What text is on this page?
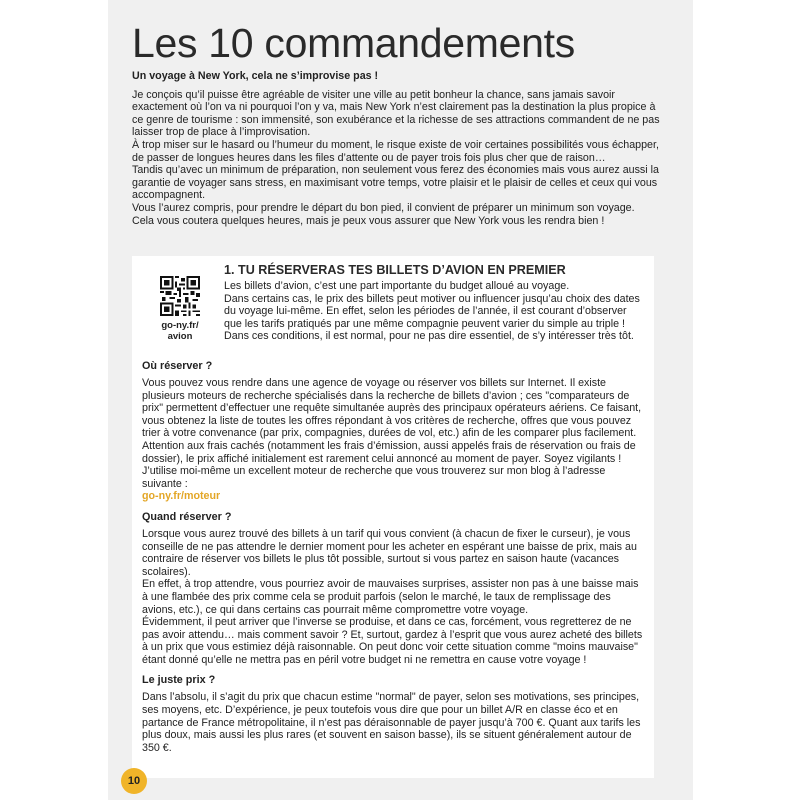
Les 10 commandements

Un voyage à New York, cela ne s’improvise pas !

Je conçois qu’il puisse être agréable de visiter une ville au petit bonheur la chance, sans jamais savoir exactement où l’on va ni pourquoi l’on y va, mais New York n’est clairement pas la destination la plus propice à ce genre de tourisme : son immensité, son exubérance et la richesse de ses attractions commandent de ne pas laisser trop de place à l’improvisation.

À trop miser sur le hasard ou l’humeur du moment, le risque existe de voir certaines possibilités vous échapper, de passer de longues heures dans les files d’attente ou de payer trois fois plus cher que de raison…

Tandis qu’avec un minimum de préparation, non seulement vous ferez des économies mais vous aurez aussi la garantie de voyager sans stress, en maximisant votre temps, votre plaisir et le plaisir de celles et ceux qui vous accompagnent.

Vous l’aurez compris, pour prendre le départ du bon pied, il convient de préparer un minimum son voyage.

Cela vous coutera quelques heures, mais je peux vous assurer que New York vous les rendra bien !

go-ny.fr/
avion
1. TU RÉSERVERAS TES BILLETS D’AVION EN PREMIER

Les billets d’avion, c’est une part importante du budget alloué au voyage.

Dans certains cas, le prix des billets peut motiver ou influencer jusqu’au choix des dates du voyage lui-même. En effet, selon les périodes de l’année, il est courant d’observer que les tarifs pratiqués par une même compagnie peuvent varier du simple au triple !

Dans ces conditions, il est normal, pour ne pas dire essentiel, de s’y intéresser très tôt.

Où réserver ?

Vous pouvez vous rendre dans une agence de voyage ou réserver vos billets sur Internet. Il existe plusieurs moteurs de recherche spécialisés dans la recherche de billets d’avion ; ces "comparateurs de prix" permettent d’effectuer une requête simultanée auprès des principaux opérateurs aériens. Ce faisant, vous obtenez la liste de toutes les offres répondant à vos critères de recherche, offres que vous pouvez trier à votre convenance (par prix, compagnies, durées de vol, etc.) afin de les comparer plus facilement. Attention aux frais cachés (notamment les frais d’émission, aussi appelés frais de réservation ou frais de dossier), le prix affiché initialement est rarement celui annoncé au moment de payer. Soyez vigilants !

J’utilise moi-même un excellent moteur de recherche que vous trouverez sur mon blog à l’adresse suivante :

go-ny.fr/moteur

Quand réserver ?

Lorsque vous aurez trouvé des billets à un tarif qui vous convient (à chacun de fixer le curseur), je vous conseille de ne pas attendre le dernier moment pour les acheter en espérant une baisse de prix, mais au contraire de réserver vos billets le plus tôt possible, surtout si vous partez en saison haute (vacances scolaires).

En effet, à trop attendre, vous pourriez avoir de mauvaises surprises, assister non pas à une baisse mais à une flambée des prix comme cela se produit parfois (selon le marché, le taux de remplissage des avions, etc.), ce qui dans certains cas pourrait même compromettre votre voyage.

Évidemment, il peut arriver que l’inverse se produise, et dans ce cas, forcément, vous regretterez de ne pas avoir attendu… mais comment savoir ? Et, surtout, gardez à l’esprit que vous aurez acheté des billets à un prix que vous estimiez déjà raisonnable. On peut donc voir cette situation comme "moins mauvaise" étant donné qu’elle ne mettra pas en péril votre budget ni ne remettra en cause votre voyage !

Le juste prix ?

Dans l’absolu, il s’agit du prix que chacun estime "normal" de payer, selon ses motivations, ses principes, ses moyens, etc. D’expérience, je peux toutefois vous dire que pour un billet A/R en classe éco et en partance de France métropolitaine, il n’est pas déraisonnable de payer jusqu’à 700 €. Quant aux tarifs les plus doux, mais aussi les plus rares (et souvent en saison basse), ils se situent généralement autour de 350 €.

10
